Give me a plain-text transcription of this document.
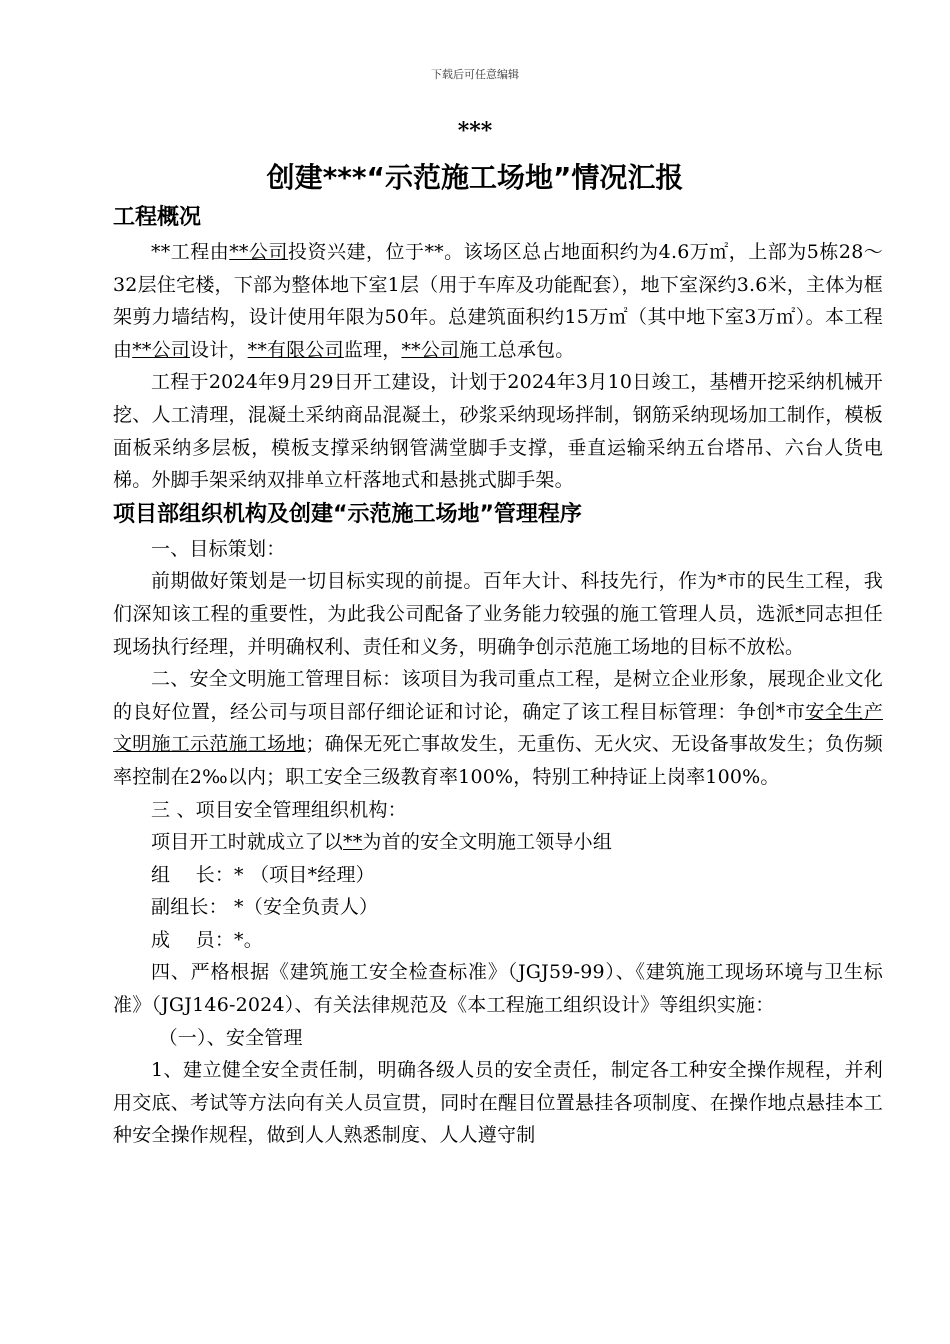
下载后可任意编辑
***
创建***“示范施工场地”情况汇报
工程概况

**工程由**公司投资兴建，位于**。该场区总占地面积约为4.6万㎡，上部为5栋28～32层住宅楼，下部为整体地下室1层（用于车库及功能配套），地下室深约3.6米，主体为框架剪力墙结构，设计使用年限为50年。总建筑面积约15万㎡（其中地下室3万㎡）。本工程由**公司设计，**有限公司监理，**公司施工总承包。

工程于2024年9月29日开工建设，计划于2024年3月10日竣工，基槽开挖采纳机械开挖、人工清理，混凝土采纳商品混凝土，砂浆采纳现场拌制，钢筋采纳现场加工制作，模板面板采纳多层板，模板支撑采纳钢管满堂脚手支撑，垂直运输采纳五台塔吊、六台人货电梯。外脚手架采纳双排单立杆落地式和悬挑式脚手架。

项目部组织机构及创建“示范施工场地”管理程序

一、目标策划：

前期做好策划是一切目标实现的前提。百年大计、科技先行，作为*市的民生工程，我们深知该工程的重要性，为此我公司配备了业务能力较强的施工管理人员，选派*同志担任现场执行经理，并明确权利、责任和义务，明确争创示范施工场地的目标不放松。

二、安全文明施工管理目标：该项目为我司重点工程，是树立企业形象，展现企业文化的良好位置，经公司与项目部仔细论证和讨论，确定了该工程目标管理：争创*市安全生产文明施工示范施工场地；确保无死亡事故发生，无重伤、无火灾、无设备事故发生；负伤频率控制在2‰以内；职工安全三级教育率100%，特别工种持证上岗率100%。

三 、项目安全管理组织机构：

项目开工时就成立了以**为首的安全文明施工领导小组

组　 长：* （项目*经理）

副组长： *（安全负责人）

成　 员：*。

四、严格根据《建筑施工安全检查标准》（JGJ59-99）、《建筑施工现场环境与卫生标准》（JGJ146-2024）、有关法律规范及《本工程施工组织设计》等组织实施：

（一）、安全管理

1、建立健全安全责任制，明确各级人员的安全责任，制定各工种安全操作规程，并利用交底、考试等方法向有关人员宣贯，同时在醒目位置悬挂各项制度、在操作地点悬挂本工种安全操作规程，做到人人熟悉制度、人人遵守制
